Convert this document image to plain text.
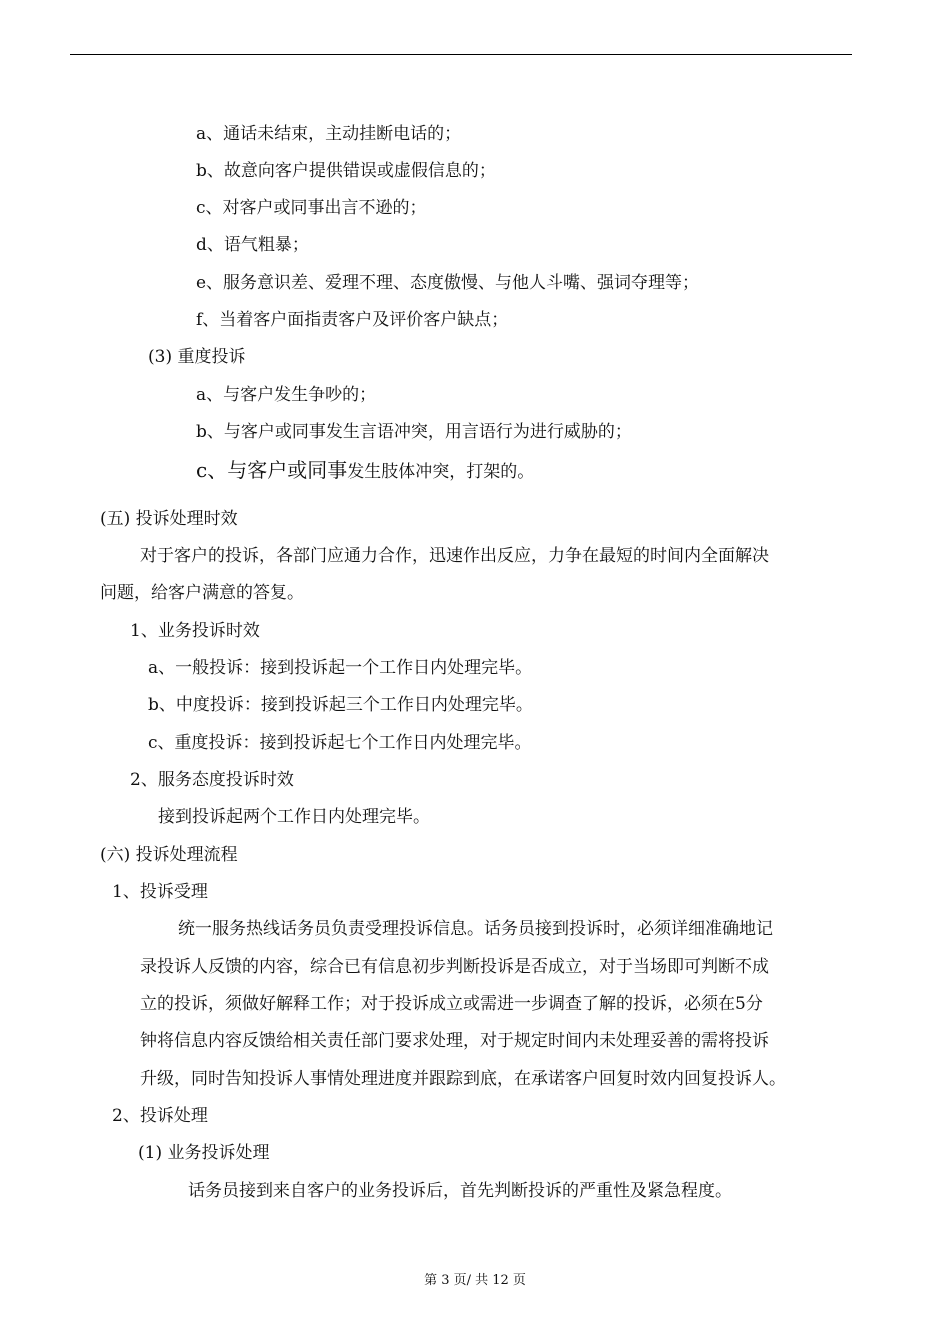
a、通话未结束，主动挂断电话的；
b、故意向客户提供错误或虚假信息的；
c、对客户或同事出言不逊的；
d、语气粗暴；
e、服务意识差、爱理不理、态度傲慢、与他人斗嘴、强词夺理等；
f、当着客户面指责客户及评价客户缺点；
(3) 重度投诉
a、与客户发生争吵的；
b、与客户或同事发生言语冲突，用言语行为进行威胁的；
c、与客户或同事发生肢体冲突，打架的。
(五) 投诉处理时效
对于客户的投诉，各部门应通力合作，迅速作出反应，力争在最短的时间内全面解决
问题，给客户满意的答复。
1、业务投诉时效
a、一般投诉：接到投诉起一个工作日内处理完毕。
b、中度投诉：接到投诉起三个工作日内处理完毕。
c、重度投诉：接到投诉起七个工作日内处理完毕。
2、服务态度投诉时效
接到投诉起两个工作日内处理完毕。
(六) 投诉处理流程
1、投诉受理
统一服务热线话务员负责受理投诉信息。话务员接到投诉时，必须详细准确地记
录投诉人反馈的内容，综合已有信息初步判断投诉是否成立，对于当场即可判断不成
立的投诉，须做好解释工作；对于投诉成立或需进一步调查了解的投诉，必须在5分
钟将信息内容反馈给相关责任部门要求处理，对于规定时间内未处理妥善的需将投诉
升级，同时告知投诉人事情处理进度并跟踪到底，在承诺客户回复时效内回复投诉人。
2、投诉处理
(1) 业务投诉处理
话务员接到来自客户的业务投诉后，首先判断投诉的严重性及紧急程度。
第 3 页/ 共 12 页
